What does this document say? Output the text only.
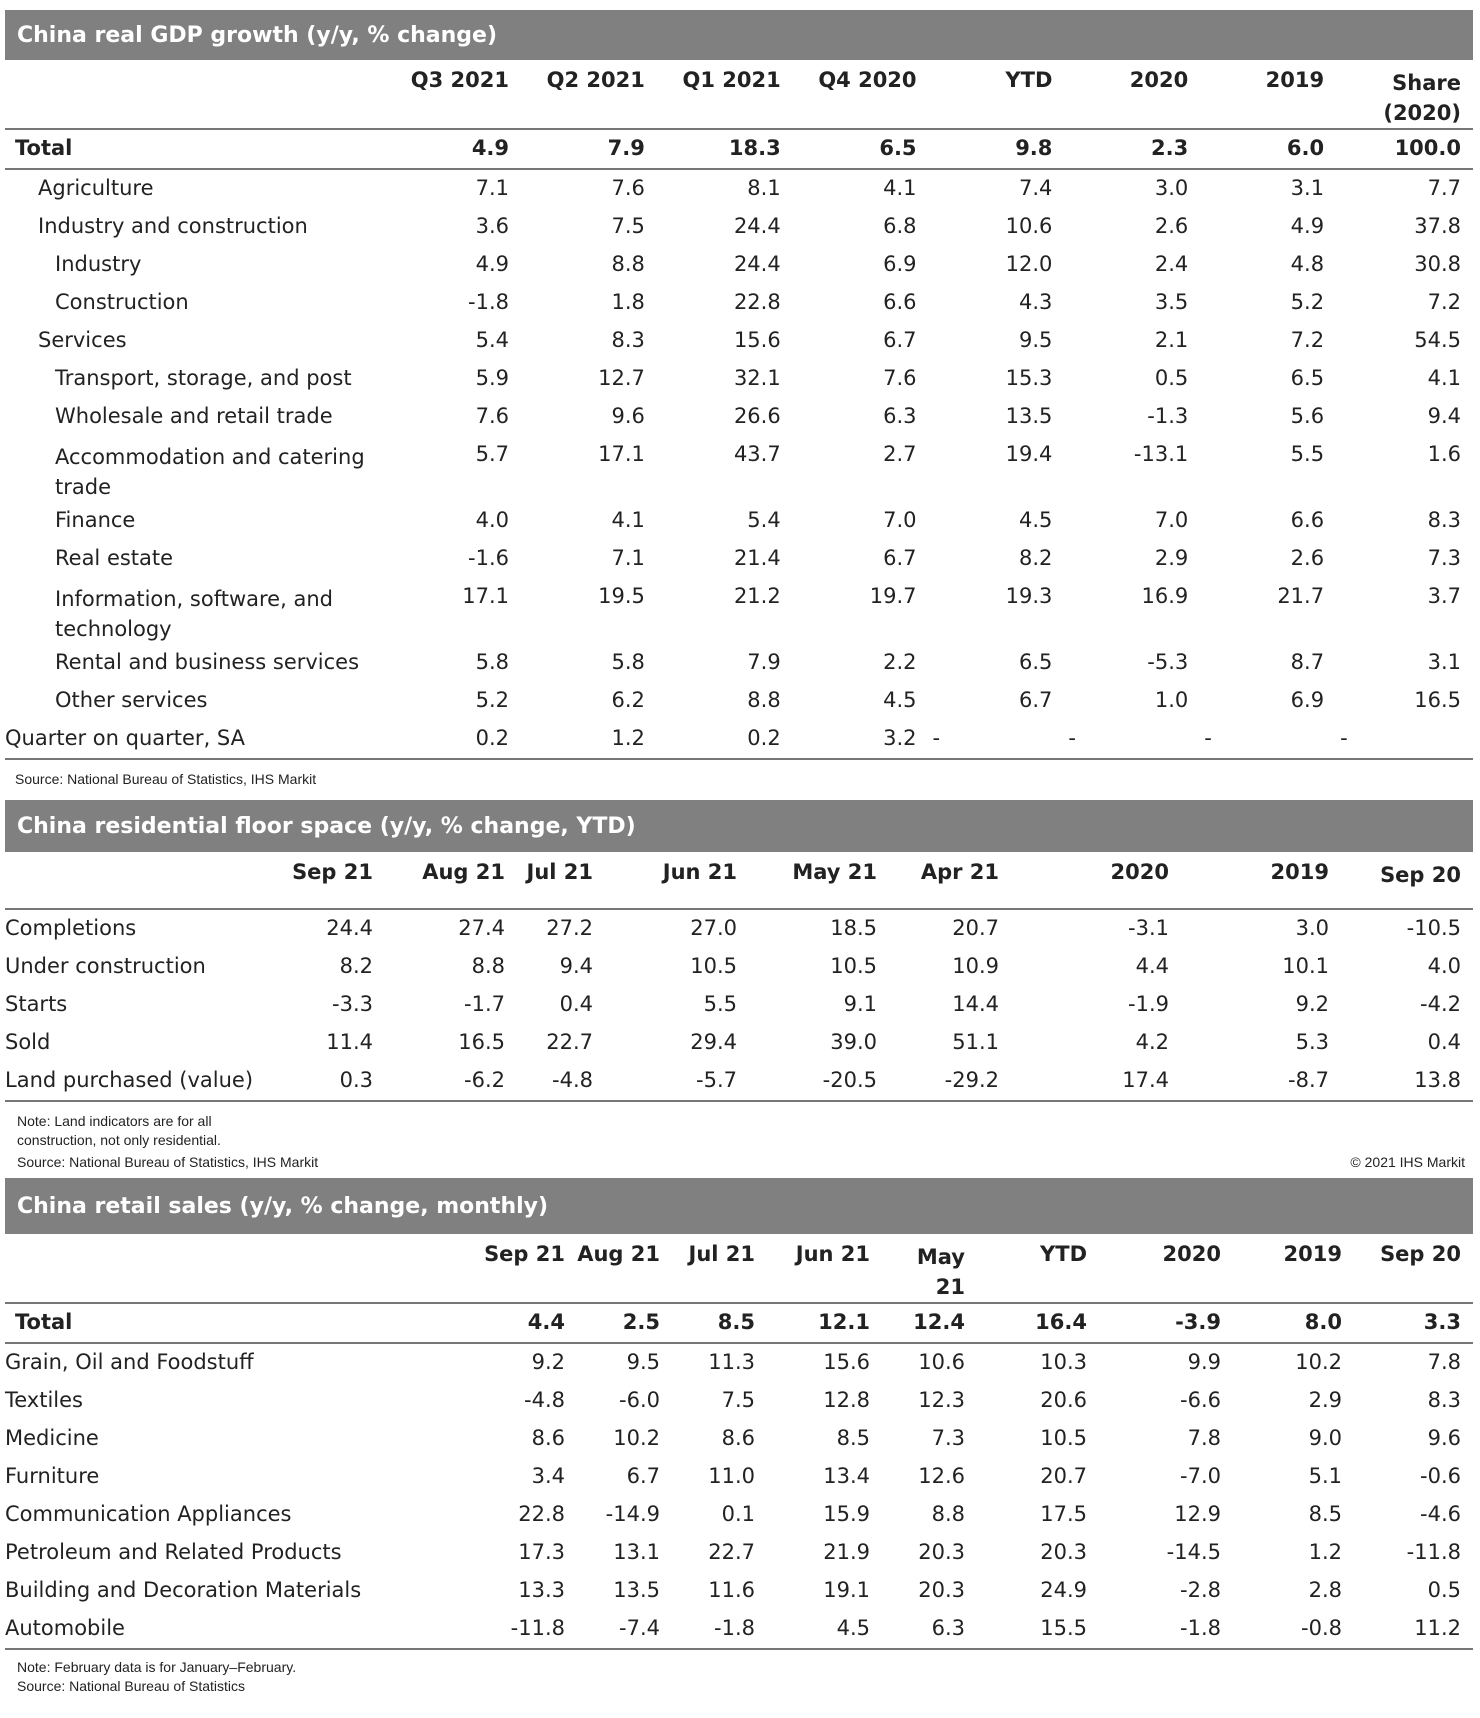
China real GDP growth (y/y, % change)
	Q3 2021	Q2 2021	Q1 2021	Q4 2020	YTD	2020	2019	Share (2020)
Total	4.9	7.9	18.3	6.5	9.8	2.3	6.0	100.0
Agriculture	7.1	7.6	8.1	4.1	7.4	3.0	3.1	7.7
Industry and construction	3.6	7.5	24.4	6.8	10.6	2.6	4.9	37.8
Industry	4.9	8.8	24.4	6.9	12.0	2.4	4.8	30.8
Construction	-1.8	1.8	22.8	6.6	4.3	3.5	5.2	7.2
Services	5.4	8.3	15.6	6.7	9.5	2.1	7.2	54.5
Transport, storage, and post	5.9	12.7	32.1	7.6	15.3	0.5	6.5	4.1
Wholesale and retail trade	7.6	9.6	26.6	6.3	13.5	-1.3	5.6	9.4
Accommodation and catering trade	5.7	17.1	43.7	2.7	19.4	-13.1	5.5	1.6
Finance	4.0	4.1	5.4	7.0	4.5	7.0	6.6	8.3
Real estate	-1.6	7.1	21.4	6.7	8.2	2.9	2.6	7.3
Information, software, and technology	17.1	19.5	21.2	19.7	19.3	16.9	21.7	3.7
Rental and business services	5.8	5.8	7.9	2.2	6.5	-5.3	8.7	3.1
Other services	5.2	6.2	8.8	4.5	6.7	1.0	6.9	16.5
Quarter on quarter, SA	0.2	1.2	0.2	3.2	-	-	-	-
Source: National Bureau of Statistics, IHS Markit
China residential floor space (y/y, % change, YTD)
	Sep 21	Aug 21	Jul 21	Jun 21	May 21	Apr 21	2020	2019	Sep 20
Completions	24.4	27.4	27.2	27.0	18.5	20.7	-3.1	3.0	-10.5
Under construction	8.2	8.8	9.4	10.5	10.5	10.9	4.4	10.1	4.0
Starts	-3.3	-1.7	0.4	5.5	9.1	14.4	-1.9	9.2	-4.2
Sold	11.4	16.5	22.7	29.4	39.0	51.1	4.2	5.3	0.4
Land purchased (value)	0.3	-6.2	-4.8	-5.7	-20.5	-29.2	17.4	-8.7	13.8
Note: Land indicators are for all
construction, not only residential.
Source: National Bureau of Statistics, IHS Markit	© 2021 IHS Markit
China retail sales (y/y, % change, monthly)
	Sep 21	Aug 21	Jul 21	Jun 21	May 21	YTD	2020	2019	Sep 20
Total	4.4	2.5	8.5	12.1	12.4	16.4	-3.9	8.0	3.3
Grain, Oil and Foodstuff	9.2	9.5	11.3	15.6	10.6	10.3	9.9	10.2	7.8
Textiles	-4.8	-6.0	7.5	12.8	12.3	20.6	-6.6	2.9	8.3
Medicine	8.6	10.2	8.6	8.5	7.3	10.5	7.8	9.0	9.6
Furniture	3.4	6.7	11.0	13.4	12.6	20.7	-7.0	5.1	-0.6
Communication Appliances	22.8	-14.9	0.1	15.9	8.8	17.5	12.9	8.5	-4.6
Petroleum and Related Products	17.3	13.1	22.7	21.9	20.3	20.3	-14.5	1.2	-11.8
Building and Decoration Materials	13.3	13.5	11.6	19.1	20.3	24.9	-2.8	2.8	0.5
Automobile	-11.8	-7.4	-1.8	4.5	6.3	15.5	-1.8	-0.8	11.2
Note: February data is for January–February.
Source: National Bureau of Statistics
